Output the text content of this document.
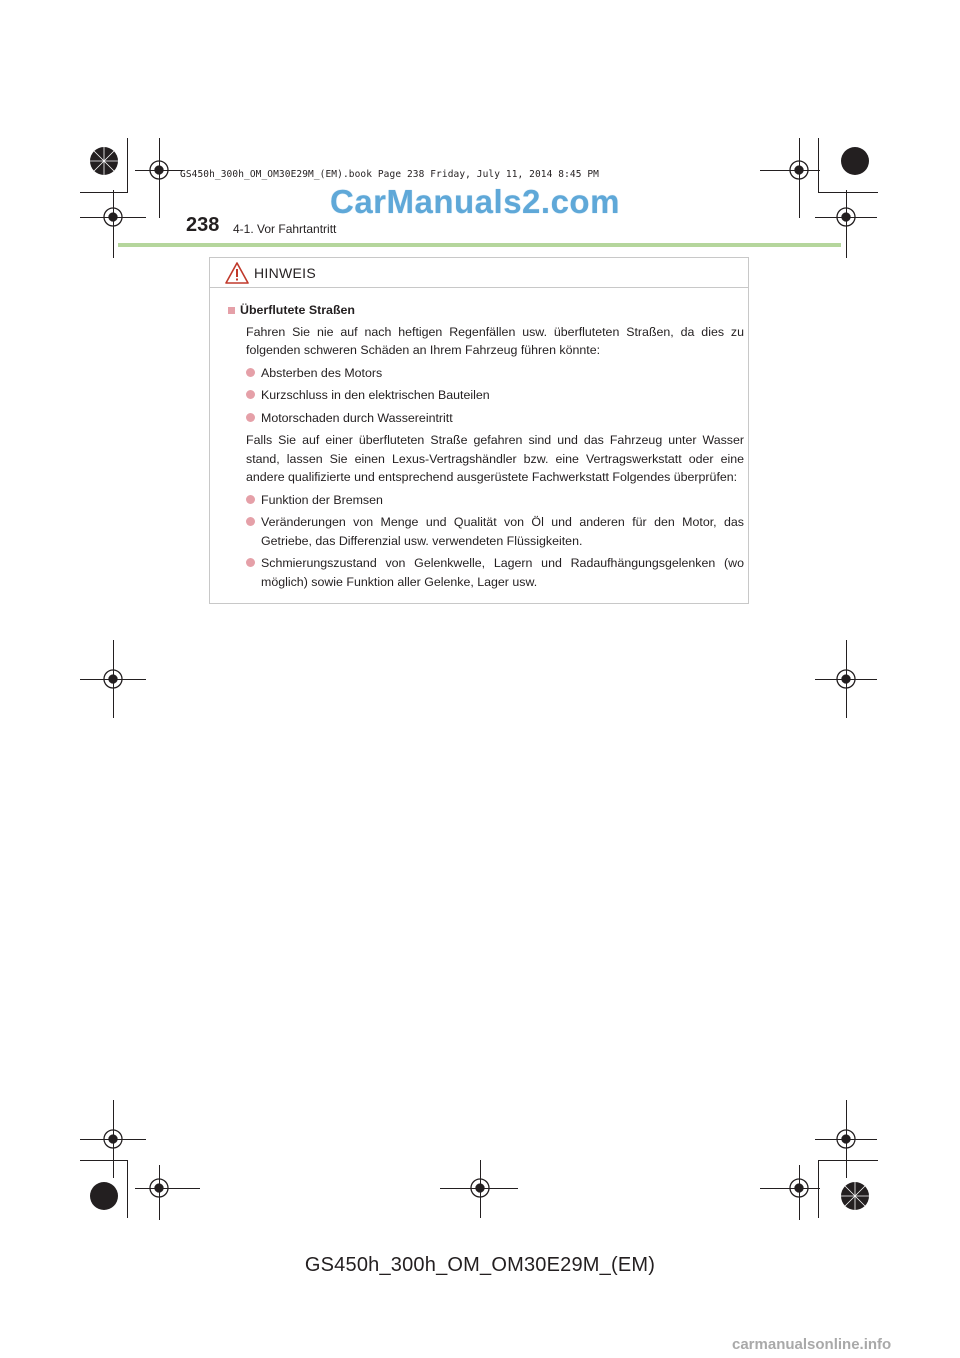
GS450h_300h_OM_OM30E29M_(EM).book Page 238 Friday, July 11, 2014 8:45 PM
CarManuals2.com
238 4-1. Vor Fahrtantritt
HINWEIS
Überflutete Straßen
Fahren Sie nie auf nach heftigen Regenfällen usw. überfluteten Straßen, da dies zu folgenden schweren Schäden an Ihrem Fahrzeug führen könnte:
Absterben des Motors
Kurzschluss in den elektrischen Bauteilen
Motorschaden durch Wassereintritt
Falls Sie auf einer überfluteten Straße gefahren sind und das Fahrzeug unter Wasser stand, lassen Sie einen Lexus-Vertragshändler bzw. eine Vertragswerkstatt oder eine andere qualifizierte und entsprechend ausgerüstete Fachwerkstatt Folgendes überprüfen:
Funktion der Bremsen
Veränderungen von Menge und Qualität von Öl und anderen für den Motor, das Getriebe, das Differenzial usw. verwendeten Flüssigkeiten.
Schmierungszustand von Gelenkwelle, Lagern und Radaufhängungsgelenken (wo möglich) sowie Funktion aller Gelenke, Lager usw.
GS450h_300h_OM_OM30E29M_(EM)
carmanualsonline.info
